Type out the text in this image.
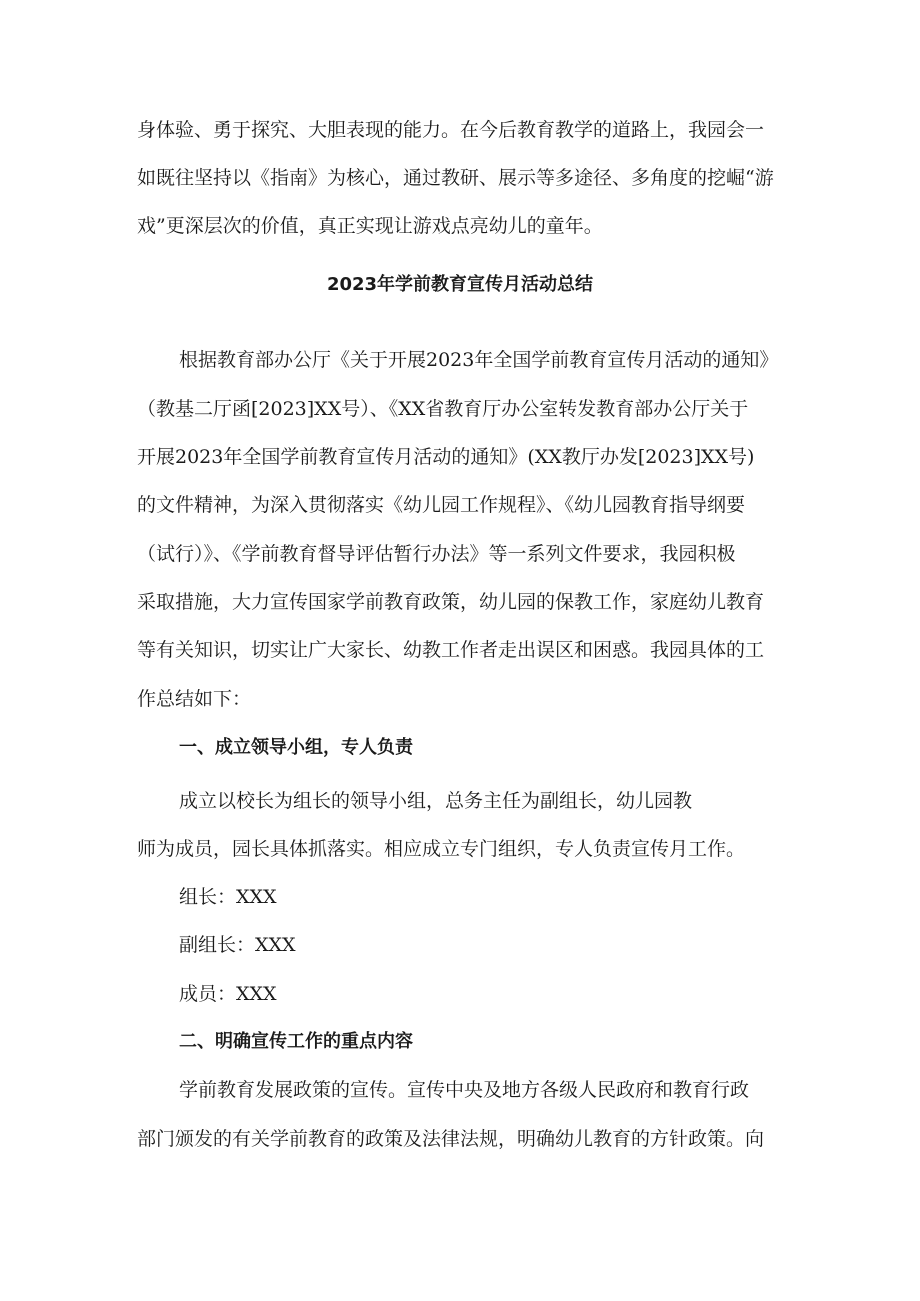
身体验、勇于探究、大胆表现的能力。在今后教育教学的道路上，我园会一
如既往坚持以《指南》为核心，通过教研、展示等多途径、多角度的挖崛“游
戏”更深层次的价值，真正实现让游戏点亮幼儿的童年。
2023年学前教育宣传月活动总结
根据教育部办公厅《关于开展2023年全国学前教育宣传月活动的通知》
（教基二厅函[2023]XX号）、《XX省教育厅办公室转发教育部办公厅关于
开展2023年全国学前教育宣传月活动的通知》(XX教厅办发[2023]XX号)
的文件精神，为深入贯彻落实《幼儿园工作规程》、《幼儿园教育指导纲要
（试行）》、《学前教育督导评估暂行办法》等一系列文件要求，我园积极
采取措施，大力宣传国家学前教育政策，幼儿园的保教工作，家庭幼儿教育
等有关知识，切实让广大家长、幼教工作者走出误区和困惑。我园具体的工
作总结如下：
一、成立领导小组，专人负责
成立以校长为组长的领导小组，总务主任为副组长，幼儿园教
师为成员，园长具体抓落实。相应成立专门组织，专人负责宣传月工作。
组长：XXX
副组长：XXX
成员：XXX
二、明确宣传工作的重点内容
学前教育发展政策的宣传。宣传中央及地方各级人民政府和教育行政
部门颁发的有关学前教育的政策及法律法规，明确幼儿教育的方针政策。向
